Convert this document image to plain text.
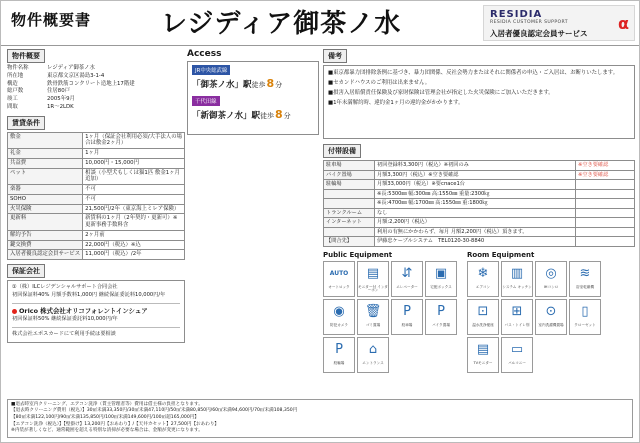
物件概要書	レジディア御茶ノ水	RESIDIA
RESIDIA CUSTOMER SUPPORT
入居者優良認定会員サービス
α
物件概要
物件名称	レジディア御茶ノ水
所在地	東京都文京区湯島3-1-4
構造	鉄骨鉄筋コンクリート造地上17階建
総戸数	住居80戸
竣工	2005年9月
間取	1R～2LDK
賃貸条件
敷金	1ヶ月（保証会社利用必須/大手法人の場合は敷金2ヶ月）
礼金	1ヶ月
共益費	10,000円・15,000円
ペット	相談（小型犬もしくは猫1匹 敷金1ヶ月追加）
楽器	不可
SOHO	不可
火災保険	21,500円/2年（東京海上ミレア保険）
更新料	新賃料の1ヶ月（2年契約・更新可）※更新事務手数料含
解約予告	2ヶ月前
鍵交換費	22,000円（税込）※込
入居者優良認定会員サービス	11,000円（税込）/2年
保証会社
①（株）ILCレジデンシャルサポート合同会社
初回保証料40% 月額手数料1,000円 継続保証委託料10,000円/年
Orico 株式会社オリコフォレントインシュア
初回保証料50% 継続保証委託料10,000円/年
株式会社エポスカードにて利用手続は要相談
Access
JR中央総武線
「御茶ノ水」駅徒歩8分
千代田線
「新御茶ノ水」駅徒歩8分
備考
■東京都暴力団排除条例に基づき、暴力団関係、反社会勢力またはそれに関係者の申込・ご入居は、お断りいたします。
■セカンドハウスのご利用は出来ません。
■損害入居賠償責任保険及び家財保険は管理会社が指定した火災保険にご加入いただきます。
■1年未満解約時、違約金1ヶ月の違約金がかかります。
付帯設備
駐車場	初回登録料3,300円（税込）※初回のみ	※空き要確認
バイク置場	月額3,300円（税込）※空き要確認	※空き要確認
駐輪場	月額33,000円（税込）※要спace1台	
	※長:5300㎜ 幅:300㎜ 高:1550㎜ 重量:2300㎏	
	※長:4700㎜ 幅:1700㎜ 高:1550㎜ 重:1800㎏	
トランクルーム	なし	
インターネット	月額:2,200円（税込）	
	利用の有無にかかわらず、毎月 月額2,200円（税込）頂きます。	
【問合先】	伊藤忠ケーブルシステム　TEL0120-30-8840	
Public Equipment
AUTO
オートロック
▤
モニター付 インターホン
⇵
エレベーター
▣
宅配ボックス
◉
防犯カメラ
🗑
ゴミ置場
P
駐車場
P
バイク置場
P
駐輪場
⌂
エントランス
Room Equipment
❄
エアコン
▥
システム キッチン
◎
IHコンロ
≋
浴室乾燥機
⊡
温水洗浄便座
⊞
バス・トイレ別
⊙
室内洗濯機置場
▯
クローゼット
▤
TVモニター
▭
バルコニー
■退去時室内クリーニング、エアコン洗浄（賃主管理者等）費用は借主様の負担となります。
【退去時クリーニング費用（税込）】30㎡未満33,350円/30㎡未満47,110円/50㎡未満80,850円/60㎡未満94,600円/70㎡未満108,350円
【80㎡未満122,100円/90㎡未満135,850円/100㎡未満149,600円/100㎡超165,000円】
【エアコン洗浄（税込）】【壁掛け】13,200円【おあわり】/【天井カセット】27,500円【おあわり】
※内装が著しくなど、通常範囲を超える特別な清掃が必要な場合は、金額が変更になります。
